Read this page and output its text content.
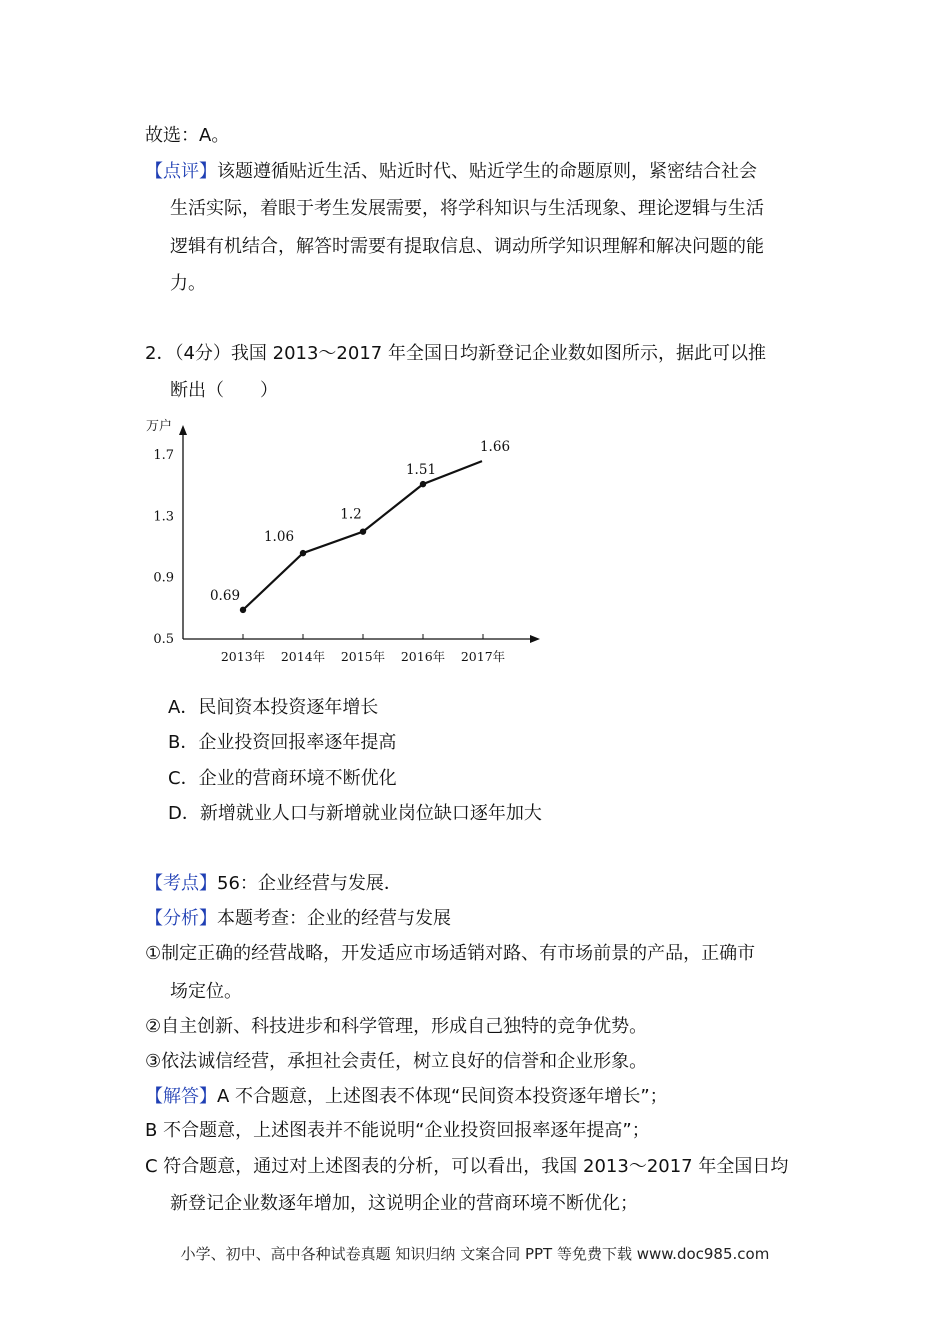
故选：A。
【点评】该题遵循贴近生活、贴近时代、贴近学生的命题原则，紧密结合社会
生活实际，着眼于考生发展需要，将学科知识与生活现象、理论逻辑与生活
逻辑有机结合，解答时需要有提取信息、调动所学知识理解和解决问题的能
力。
2．（4分）我国 2013～2017 年全国日均新登记企业数如图所示，据此可以推
断出（　　）
万户
0.5
0.9
1.3
1.7
2013年 2014年 2015年 2016年 2017年
0.69
1.06
1.2
1.51
1.66
A．民间资本投资逐年增长
B．企业投资回报率逐年提高
C．企业的营商环境不断优化
D．新增就业人口与新增就业岗位缺口逐年加大
【考点】56：企业经营与发展．
【分析】本题考查：企业的经营与发展
①制定正确的经营战略，开发适应市场适销对路、有市场前景的产品，正确市
场定位。
②自主创新、科技进步和科学管理，形成自己独特的竞争优势。
③依法诚信经营，承担社会责任，树立良好的信誉和企业形象。
【解答】A 不合题意，上述图表不体现“民间资本投资逐年增长”；
B 不合题意，上述图表并不能说明“企业投资回报率逐年提高”；
C 符合题意，通过对上述图表的分析，可以看出，我国 2013～2017 年全国日均
新登记企业数逐年增加，这说明企业的营商环境不断优化；
小学、初中、高中各种试卷真题 知识归纳 文案合同 PPT 等免费下载 www.doc985.com
